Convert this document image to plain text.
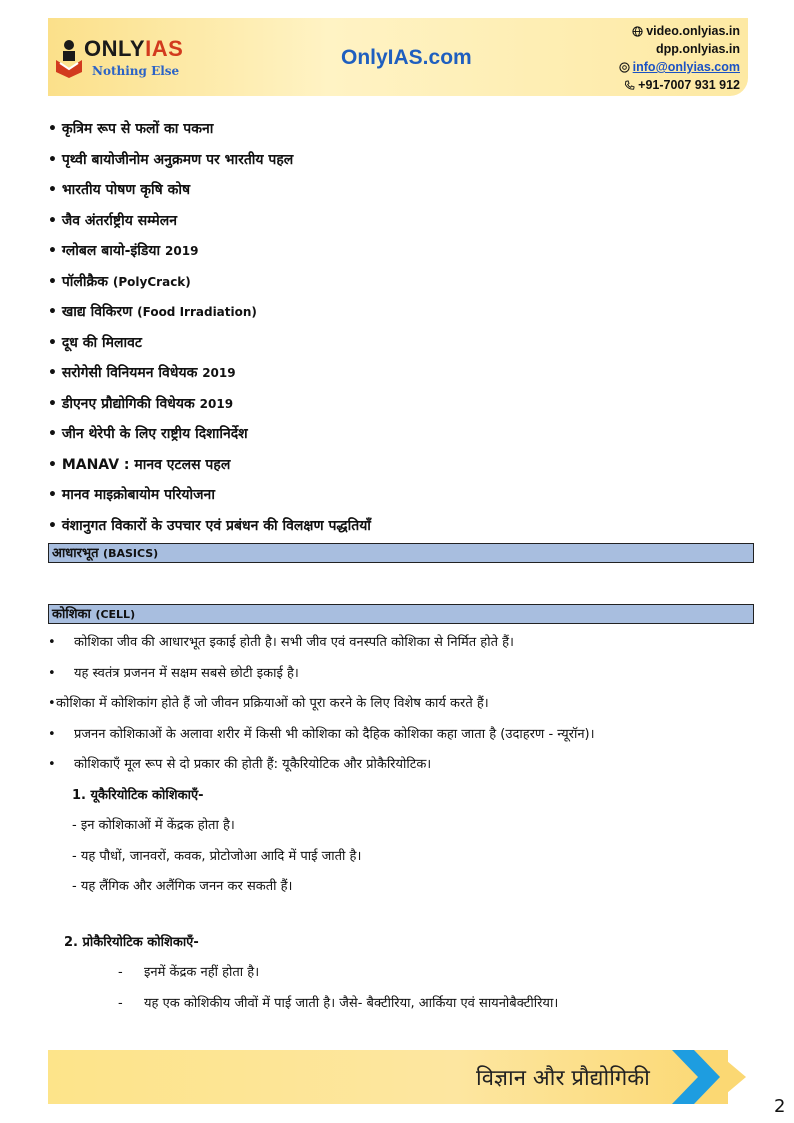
ONLYIAS
Nothing Else
OnlyIAS.com
video.onlyias.in
dpp.onlyias.in
info@onlyias.com
+91-7007 931 912
• कृत्रिम रूप से फलों का पकना
• पृथ्वी बायोजीनोम अनुक्रमण पर भारतीय पहल
• भारतीय पोषण कृषि कोष
• जैव अंतर्राष्ट्रीय सम्मेलन
• ग्लोबल बायो-इंडिया 2019
• पॉलीक्रैक (PolyCrack)
• खाद्य विकिरण (Food Irradiation)
• दूध की मिलावट
• सरोगेसी विनियमन विधेयक 2019
• डीएनए प्रौद्योगिकी विधेयक 2019
• जीन थेरेपी के लिए राष्ट्रीय दिशानिर्देश
• MANAV : मानव एटलस पहल
• मानव माइक्रोबायोम परियोजना
• वंशानुगत विकारों के उपचार एवं प्रबंधन की विलक्षण पद्धतियाँ
आधारभूत (BASICS)
कोशिका (CELL)
• कोशिका जीव की आधारभूत इकाई होती है। सभी जीव एवं वनस्पति कोशिका से निर्मित होते हैं।
• यह स्वतंत्र प्रजनन में सक्षम सबसे छोटी इकाई है।
• कोशिका में कोशिकांग होते हैं जो जीवन प्रक्रियाओं को पूरा करने के लिए विशेष कार्य करते हैं।
• प्रजनन कोशिकाओं के अलावा शरीर में किसी भी कोशिका को दैहिक कोशिका कहा जाता है (उदाहरण - न्यूरॉन)।
• कोशिकाएँ मूल रूप से दो प्रकार की होती हैं: यूकैरियोटिक और प्रोकैरियोटिक।
1. यूकैरियोटिक कोशिकाएँ-
- इन कोशिकाओं में केंद्रक होता है।
- यह पौधों, जानवरों, कवक, प्रोटोजोआ आदि में पाई जाती है।
- यह लैंगिक और अलैंगिक जनन कर सकती हैं।
2. प्रोकैरियोटिक कोशिकाएँ-
- इनमें केंद्रक नहीं होता है।
- यह एक कोशिकीय जीवों में पाई जाती है। जैसे- बैक्टीरिया, आर्किया एवं सायनोबैक्टीरिया।
विज्ञान और प्रौद्योगिकी
2
